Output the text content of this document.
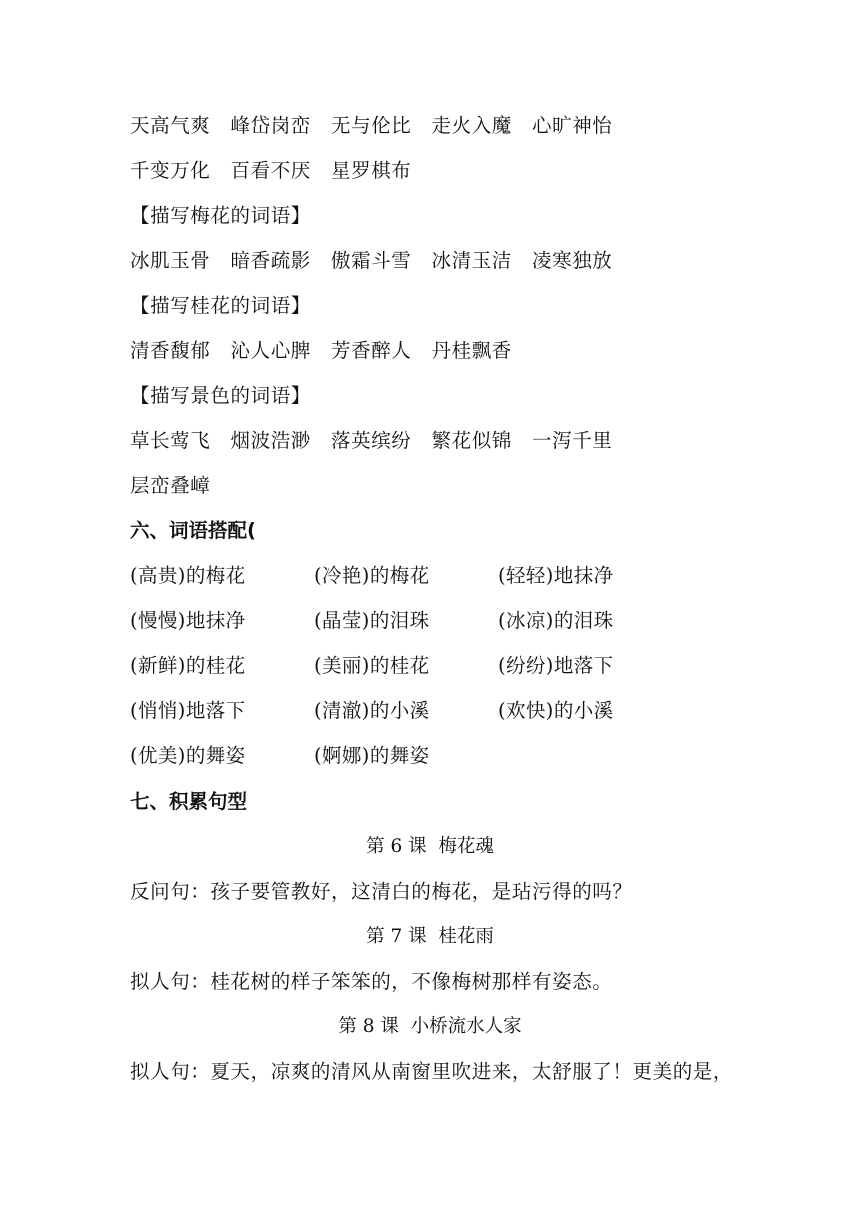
天高气爽　峰岱岗峦　无与伦比　走火入魔　心旷神怡
千变万化　百看不厌　星罗棋布
【描写梅花的词语】
冰肌玉骨　暗香疏影　傲霜斗雪　冰清玉洁　凌寒独放
【描写桂花的词语】
清香馥郁　沁人心脾　芳香醉人　丹桂飘香
【描写景色的词语】
草长莺飞　烟波浩渺　落英缤纷　繁花似锦　一泻千里
层峦叠嶂
六、词语搭配(
(高贵)的梅花	(冷艳)的梅花	(轻轻)地抹净
(慢慢)地抹净	(晶莹)的泪珠	(冰凉)的泪珠
(新鲜)的桂花	(美丽)的桂花	(纷纷)地落下
(悄悄)地落下	(清澈)的小溪	(欢快)的小溪
(优美)的舞姿	(婀娜)的舞姿
七、积累句型
第 6 课  梅花魂
反问句：孩子要管教好，这清白的梅花，是玷污得的吗？
第 7 课  桂花雨
拟人句：桂花树的样子笨笨的，不像梅树那样有姿态。
第 8 课  小桥流水人家
拟人句：夏天，凉爽的清风从南窗里吹进来，太舒服了！更美的是，
